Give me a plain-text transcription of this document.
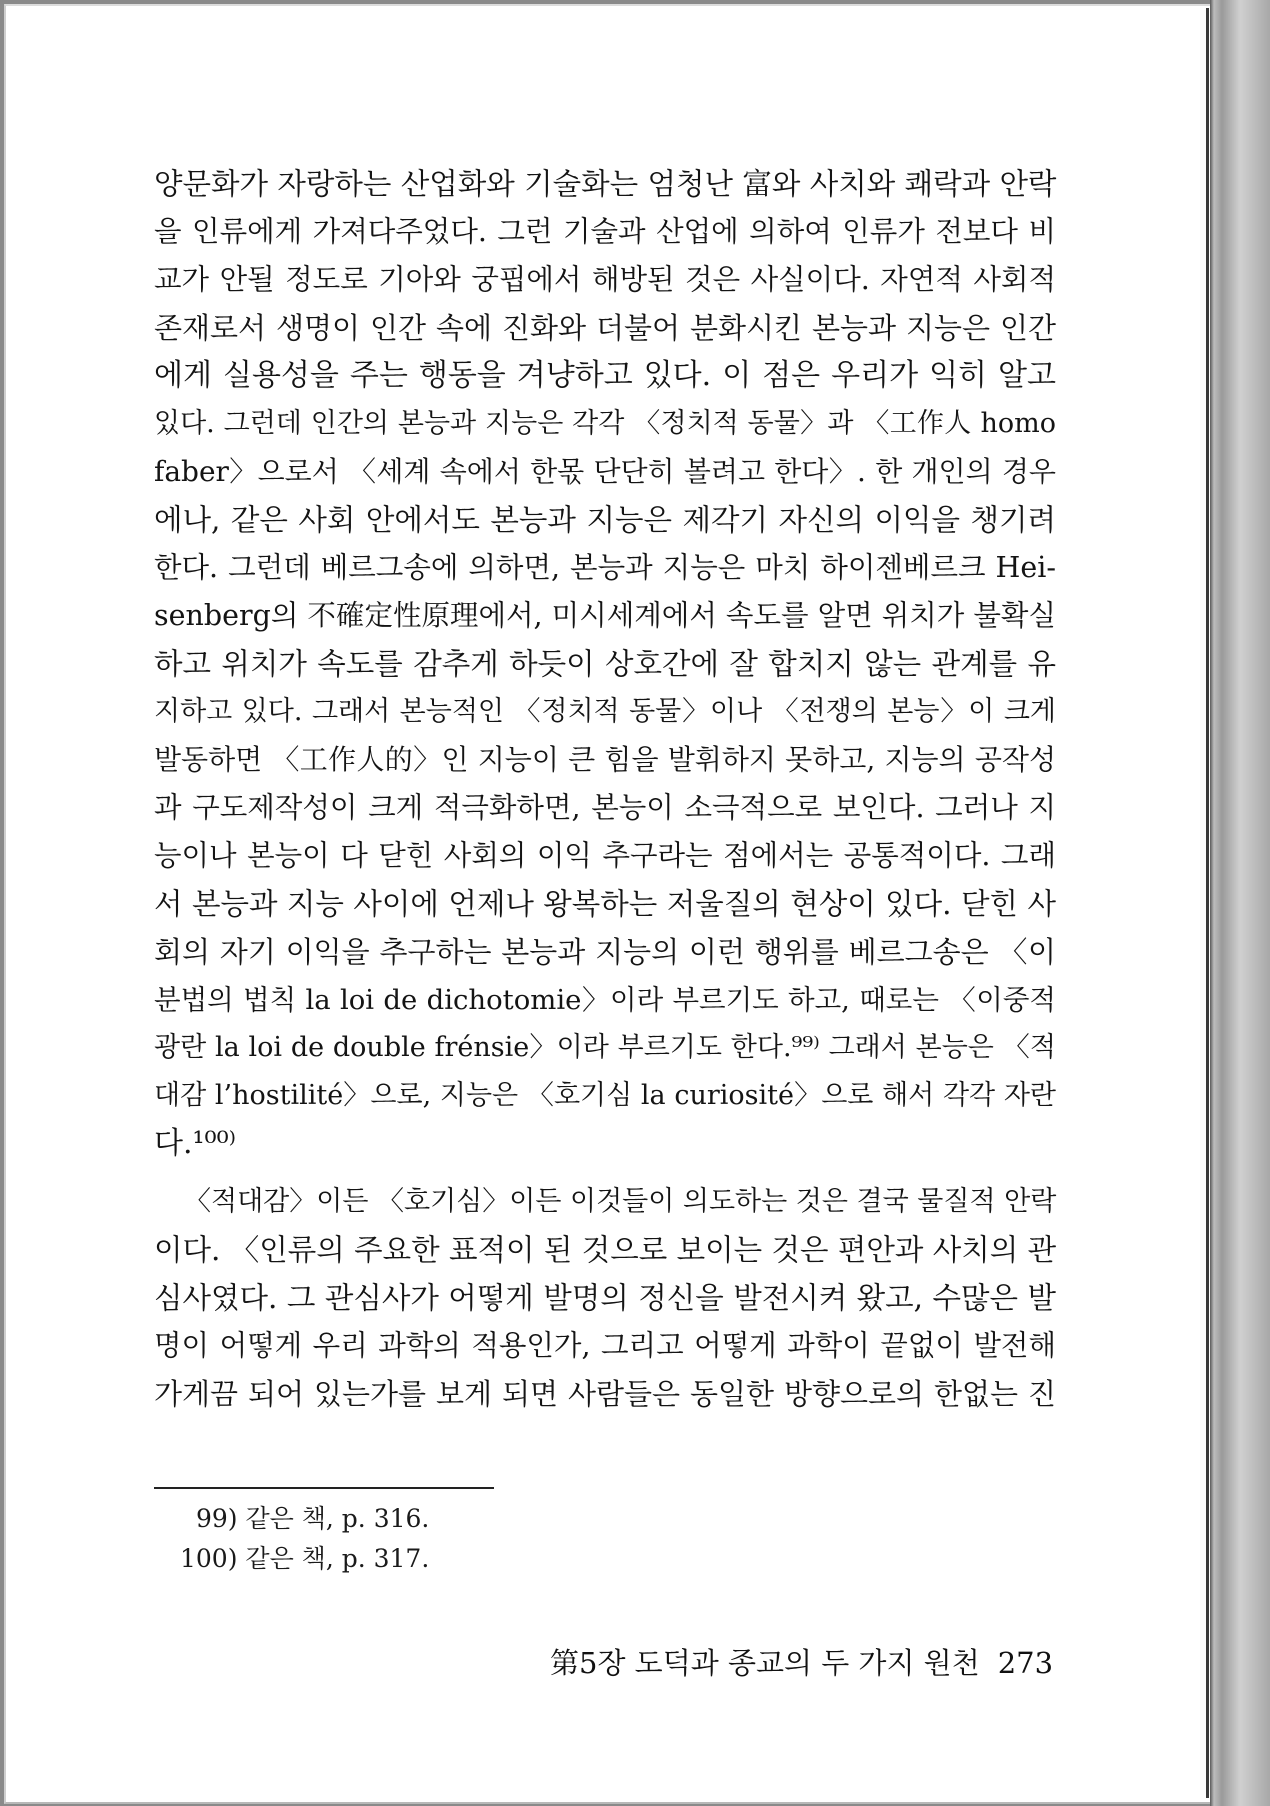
양문화가 자랑하는 산업화와 기술화는 엄청난 富와 사치와 쾌락과 안락
을 인류에게 가져다주었다. 그런 기술과 산업에 의하여 인류가 전보다 비
교가 안될 정도로 기아와 궁핍에서 해방된 것은 사실이다. 자연적 사회적
존재로서 생명이 인간 속에 진화와 더불어 분화시킨 본능과 지능은 인간
에게 실용성을 주는 행동을 겨냥하고 있다. 이 점은 우리가 익히 알고
있다. 그런데 인간의 본능과 지능은 각각 〈정치적 동물〉과 〈工作人 homo
faber〉으로서 〈세계 속에서 한몫 단단히 볼려고 한다〉. 한 개인의 경우
에나, 같은 사회 안에서도 본능과 지능은 제각기 자신의 이익을 챙기려
한다. 그런데 베르그송에 의하면, 본능과 지능은 마치 하이젠베르크 Hei-
senberg의 不確定性原理에서, 미시세계에서 속도를 알면 위치가 불확실
하고 위치가 속도를 감추게 하듯이 상호간에 잘 합치지 않는 관계를 유
지하고 있다. 그래서 본능적인 〈정치적 동물〉이나 〈전쟁의 본능〉이 크게
발동하면 〈工作人的〉인 지능이 큰 힘을 발휘하지 못하고, 지능의 공작성
과 구도제작성이 크게 적극화하면, 본능이 소극적으로 보인다. 그러나 지
능이나 본능이 다 닫힌 사회의 이익 추구라는 점에서는 공통적이다. 그래
서 본능과 지능 사이에 언제나 왕복하는 저울질의 현상이 있다. 닫힌 사
회의 자기 이익을 추구하는 본능과 지능의 이런 행위를 베르그송은 〈이
분법의 법칙 la loi de dichotomie〉이라 부르기도 하고, 때로는 〈이중적
광란 la loi de double frénsie〉이라 부르기도 한다.⁹⁹⁾ 그래서 본능은 〈적
대감 l’hostilité〉으로, 지능은 〈호기심 la curiosité〉으로 해서 각각 자란
다.¹⁰⁰⁾
〈적대감〉이든 〈호기심〉이든 이것들이 의도하는 것은 결국 물질적 안락
이다. 〈인류의 주요한 표적이 된 것으로 보이는 것은 편안과 사치의 관
심사였다. 그 관심사가 어떻게 발명의 정신을 발전시켜 왔고, 수많은 발
명이 어떻게 우리 과학의 적용인가, 그리고 어떻게 과학이 끝없이 발전해
가게끔 되어 있는가를 보게 되면 사람들은 동일한 방향으로의 한없는 진
99) 같은 책, p. 316.
100) 같은 책, p. 317.
第5장 도덕과 종교의 두 가지 원천 273
